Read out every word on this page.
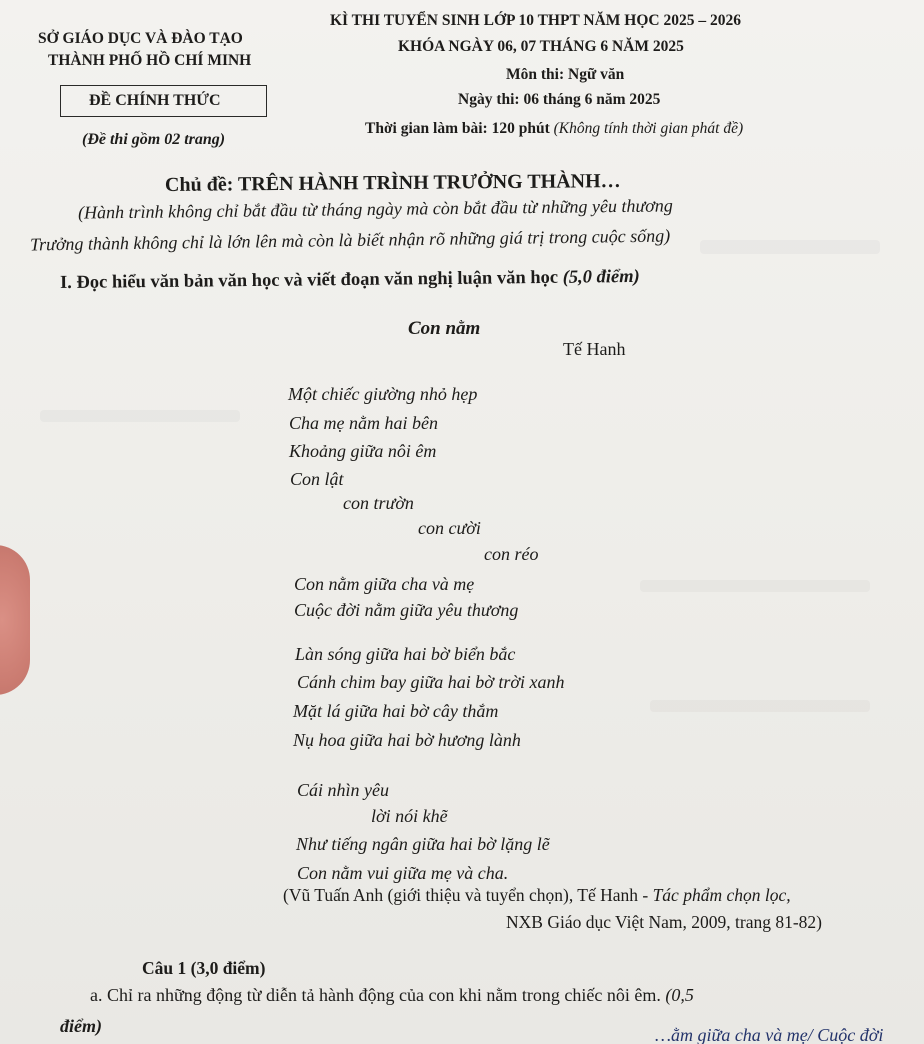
SỞ GIÁO DỤC VÀ ĐÀO TẠO
THÀNH PHỐ HỒ CHÍ MINH
ĐỀ CHÍNH THỨC
(Đề thi gồm 02 trang)
KÌ THI TUYỂN SINH LỚP 10 THPT NĂM HỌC 2025 – 2026
KHÓA NGÀY 06, 07 THÁNG 6 NĂM 2025
Môn thi: Ngữ văn
Ngày thi: 06 tháng 6 năm 2025
Thời gian làm bài: 120 phút (Không tính thời gian phát đề)
Chủ đề: TRÊN HÀNH TRÌNH TRƯỞNG THÀNH…
(Hành trình không chỉ bắt đầu từ tháng ngày mà còn bắt đầu từ những yêu thương
Trưởng thành không chỉ là lớn lên mà còn là biết nhận rõ những giá trị trong cuộc sống)
I. Đọc hiểu văn bản văn học và viết đoạn văn nghị luận văn học (5,0 điểm)
Con nằm
Tế Hanh
Một chiếc giường nhỏ hẹp
Cha mẹ nằm hai bên
Khoảng giữa nôi êm
Con lật
con trườn
con cười
con réo
Con nằm giữa cha và mẹ
Cuộc đời nằm giữa yêu thương
Làn sóng giữa hai bờ biển bắc
Cánh chim bay giữa hai bờ trời xanh
Mặt lá giữa hai bờ cây thắm
Nụ hoa giữa hai bờ hương lành
Cái nhìn yêu
lời nói khẽ
Như tiếng ngân giữa hai bờ lặng lẽ
Con nằm vui giữa mẹ và cha.
(Vũ Tuấn Anh (giới thiệu và tuyển chọn), Tế Hanh - Tác phẩm chọn lọc,
NXB Giáo dục Việt Nam, 2009, trang 81-82)
Câu 1 (3,0 điểm)
a. Chỉ ra những động từ diễn tả hành động của con khi nằm trong chiếc nôi êm. (0,5
điểm)	…ằm giữa cha và mẹ/ Cuộc đời
